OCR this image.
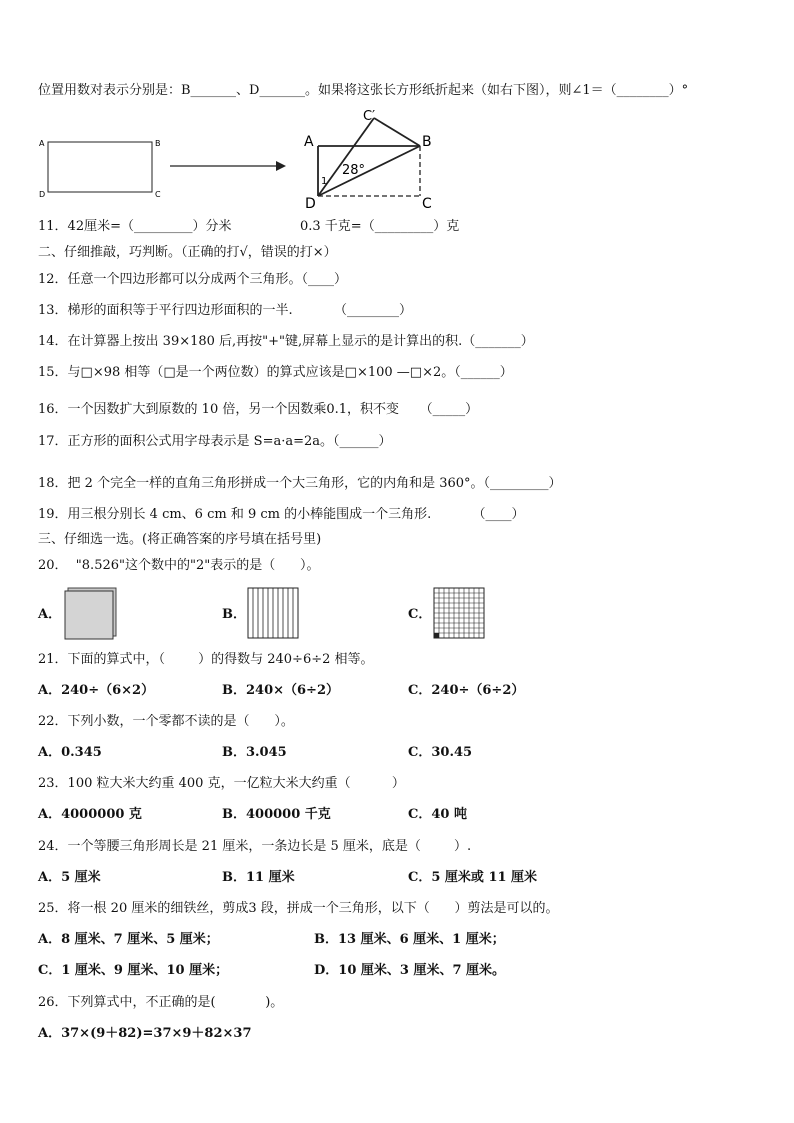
位置用数对表示分别是：B_______、D_______。如果将这张长方形纸折起来（如右下图），则∠1＝（________）°
A	B
D	C
A	B
D	C
C′
28°
1
11．42厘米=（_________）分米	0.3 千克=（_________）克
二、仔细推敲，巧判断。（正确的打√，错误的打×）
12．任意一个四边形都可以分成两个三角形。（____）
13．梯形的面积等于平行四边形面积的一半.          （________）
14．在计算器上按出 39×180 后,再按"+"键,屏幕上显示的是计算出的积.（_______）
15．与□×98 相等（□是一个两位数）的算式应该是□×100 —□×2。（______）
16．一个因数扩大到原数的 10 倍，另一个因数乘0.1，积不变     （_____）
17．正方形的面积公式用字母表示是 S=a·a=2a。（______）
18．把 2 个完全一样的直角三角形拼成一个大三角形，它的内角和是 360°。（_________）
19．用三根分别长 4 cm、6 cm 和 9 cm 的小棒能围成一个三角形.          （____）
三、仔细选一选。(将正确答案的序号填在括号里)
20．  "8.526"这个数中的"2"表示的是（      ）。
A．	B．	C．
21．下面的算式中，（        ）的得数与 240÷6÷2 相等。
A．240÷（6×2）	B．240×（6÷2）	C．240÷（6÷2）
22．下列小数，一个零都不读的是（      ）。
A．0.345	B．3.045	C．30.45
23．100 粒大米大约重 400 克，一亿粒大米大约重（          ）
A．4000000 克	B．400000 千克	C．40 吨
24．一个等腰三角形周长是 21 厘米，一条边长是 5 厘米，底是（        ）.
A．5 厘米	B．11 厘米	C．5 厘米或 11 厘米
25．将一根 20 厘米的细铁丝，剪成3 段，拼成一个三角形，以下（      ）剪法是可以的。
A．8 厘米、7 厘米、5 厘米；	B．13 厘米、6 厘米、1 厘米；
C．1 厘米、9 厘米、10 厘米；	D．10 厘米、3 厘米、7 厘米。
26．下列算式中，不正确的是(            )。
A．37×(9＋82)=37×9＋82×37
